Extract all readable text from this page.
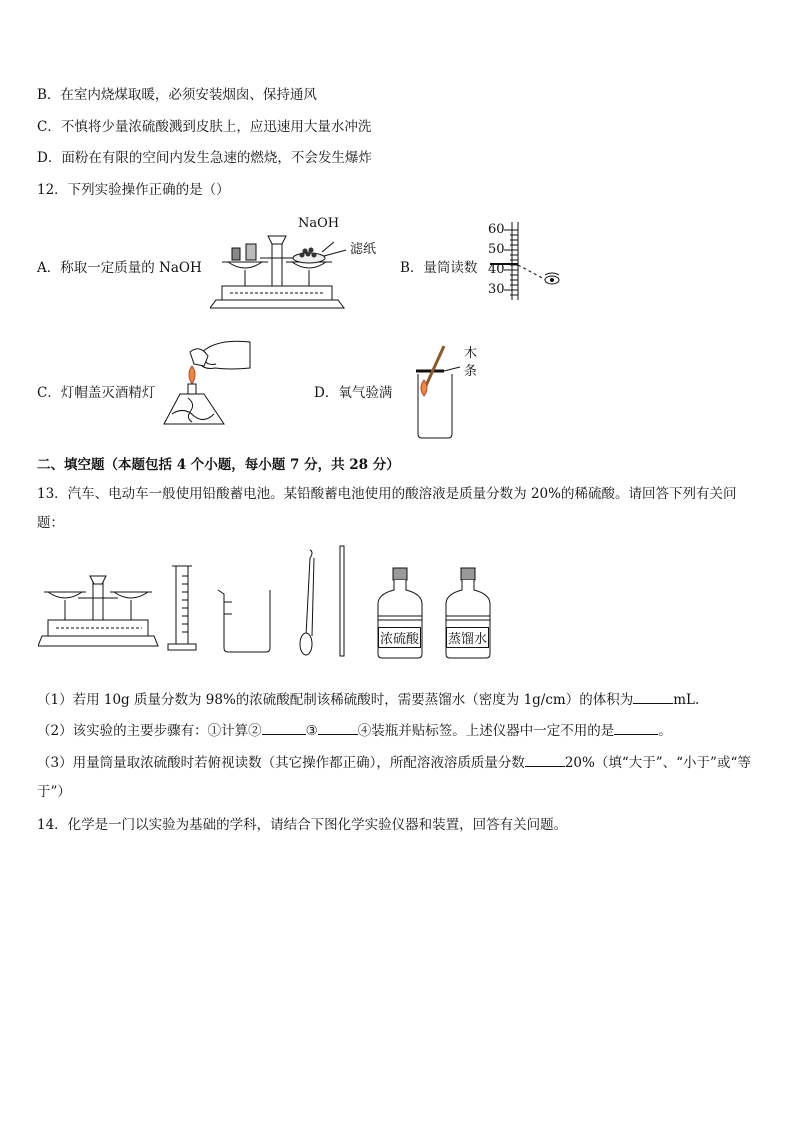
B．在室内烧煤取暖，必须安装烟囱、保持通风
C．不慎将少量浓硫酸溅到皮肤上，应迅速用大量水冲洗
D．面粉在有限的空间内发生急速的燃烧，不会发生爆炸
12．下列实验操作正确的是（）
A．称取一定质量的 NaOH
NaOH
滤纸
B．量筒读数
60
50
40
30
C．灯帽盖灭酒精灯	D．氧气验满
木
条
二、填空题（本题包括 4 个小题，每小题 7 分，共 28 分）
13．汽车、电动车一般使用铅酸蓄电池。某铅酸蓄电池使用的酸溶液是质量分数为 20%的稀硫酸。请回答下列有关问
题：
浓硫酸 蒸馏水
（1）若用 10g 质量分数为 98%的浓硫酸配制该稀硫酸时，需要蒸馏水（密度为 1g/cm）的体积为	mL.
（2）该实验的主要步骤有：①计算②	③	④装瓶并贴标签。上述仪器中一定不用的是	。
（3）用量筒量取浓硫酸时若俯视读数（其它操作都正确），所配溶液溶质质量分数	20%（填“大于”、“小于”或“等
于”）
14．化学是一门以实验为基础的学科，请结合下图化学实验仪器和装置，回答有关问题。
